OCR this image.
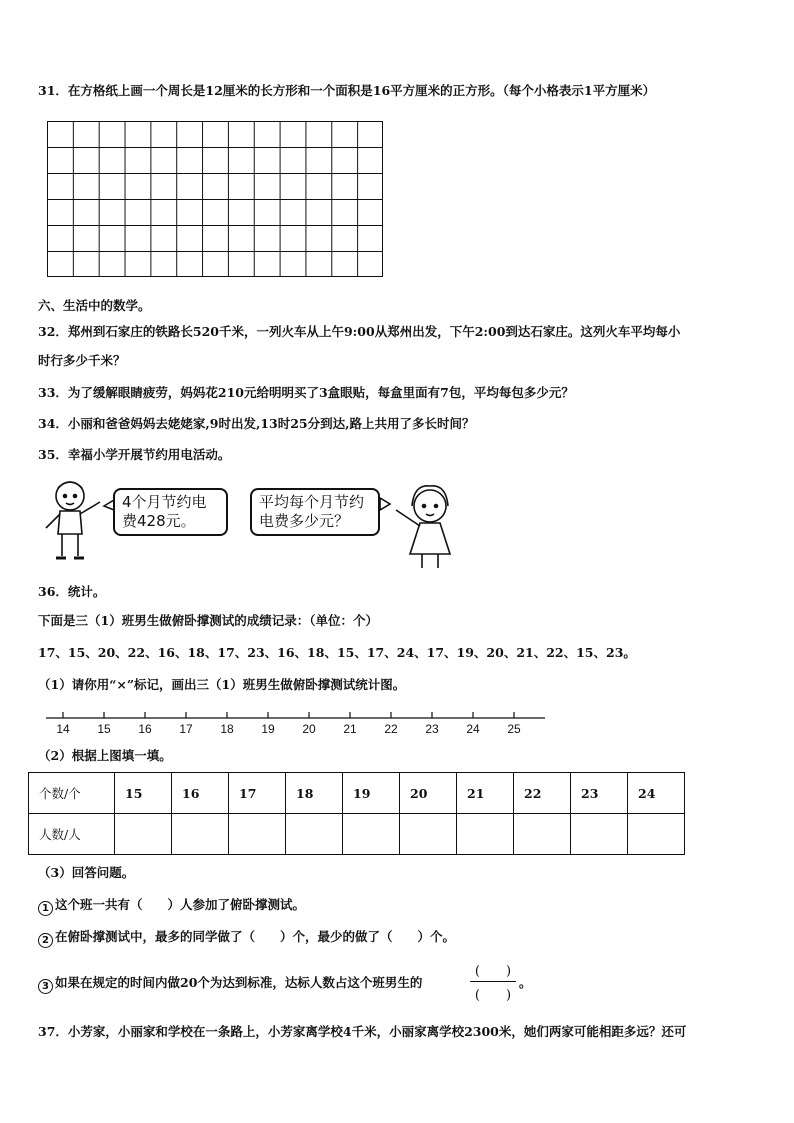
31．在方格纸上画一个周长是12厘米的长方形和一个面积是16平方厘米的正方形。（每个小格表示1平方厘米）
六、生活中的数学。
32．郑州到石家庄的铁路长520千米，一列火车从上午9:00从郑州出发，下午2:00到达石家庄。这列火车平均每小
时行多少千米？
33．为了缓解眼睛疲劳，妈妈花210元给明明买了3盒眼贴，每盒里面有7包，平均每包多少元？
34．小丽和爸爸妈妈去姥姥家,9时出发,13时25分到达,路上共用了多长时间？
35．幸福小学开展节约用电活动。
4个月节约电
费428元。
平均每个月节约
电费多少元？
36．统计。
下面是三（1）班男生做俯卧撑测试的成绩记录：（单位：个）
17、15、20、22、16、18、17、23、16、18、15、17、24、17、19、20、21、22、15、23。
（1）请你用“×”标记，画出三（1）班男生做俯卧撑测试统计图。
14 15 16 17 18 19 20 21 22 23 24 25
（2）根据上图填一填。
个数/个	15	16	17	18	19	20	21	22	23	24
人数/人										
（3）回答问题。
1 这个班一共有（　　）人参加了俯卧撑测试。
2 在俯卧撑测试中，最多的同学做了（　　）个，最少的做了（　　）个。
3 如果在规定的时间内做20个为达到标准，达标人数占这个班男生的
(　　)
(　　)
。
37．小芳家，小丽家和学校在一条路上，小芳家离学校4千米，小丽家离学校2300米，她们两家可能相距多远？还可
